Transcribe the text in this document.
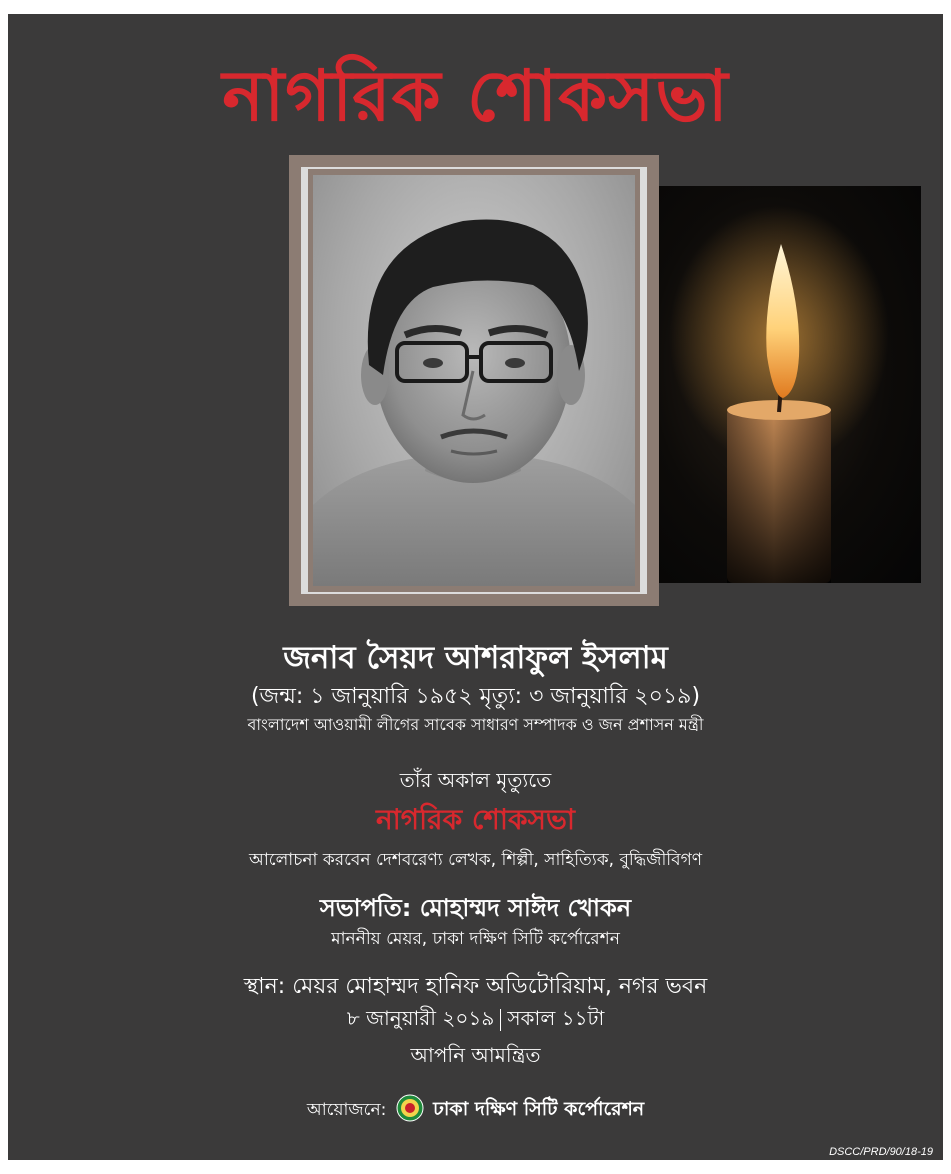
নাগরিক শোকসভা
জনাব সৈয়দ আশরাফুল ইসলাম
(জন্ম: ১ জানুয়ারি ১৯৫২ মৃত্যু: ৩ জানুয়ারি ২০১৯)
বাংলাদেশ আওয়ামী লীগের সাবেক সাধারণ সম্পাদক ও জন প্রশাসন মন্ত্রী
তাঁর অকাল মৃত্যুতে
নাগরিক শোকসভা
আলোচনা করবেন দেশবরেণ্য লেখক, শিল্পী, সাহিত্যিক, বুদ্ধিজীবিগণ
সভাপতি: মোহাম্মদ সাঈদ খোকন
মাননীয় মেয়র, ঢাকা দক্ষিণ সিটি কর্পোরেশন
স্থান: মেয়র মোহাম্মদ হানিফ অডিটোরিয়াম, নগর ভবন
৮ জানুয়ারী ২০১৯ সকাল ১১টা
আপনি আমন্ত্রিত
আয়োজনে: ঢাকা দক্ষিণ সিটি কর্পোরেশন
DSCC/PRD/90/18-19
